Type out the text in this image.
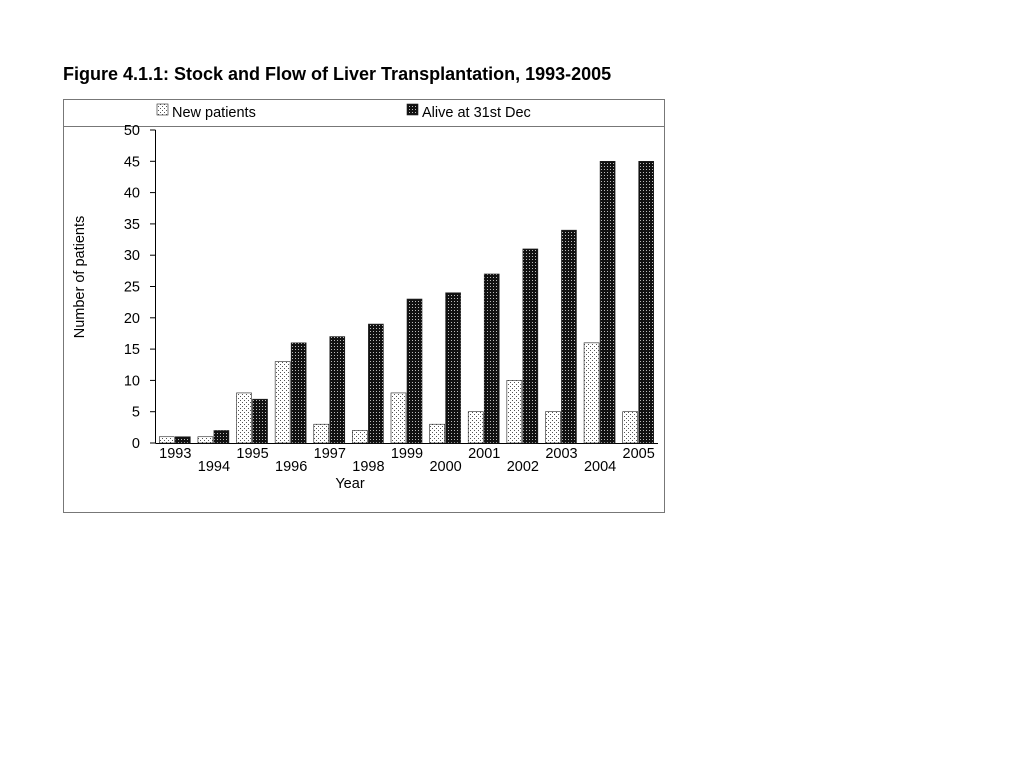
Figure 4.1.1: Stock and Flow of Liver Transplantation, 1993-2005
New patients	Alive at 31st Dec
0
5
10
15
20
25
30
35
40
45
50
1993
1994
1995
1996
1997
1998
1999
2000
2001
2002
2003
2004
2005
Number of patients
Year
